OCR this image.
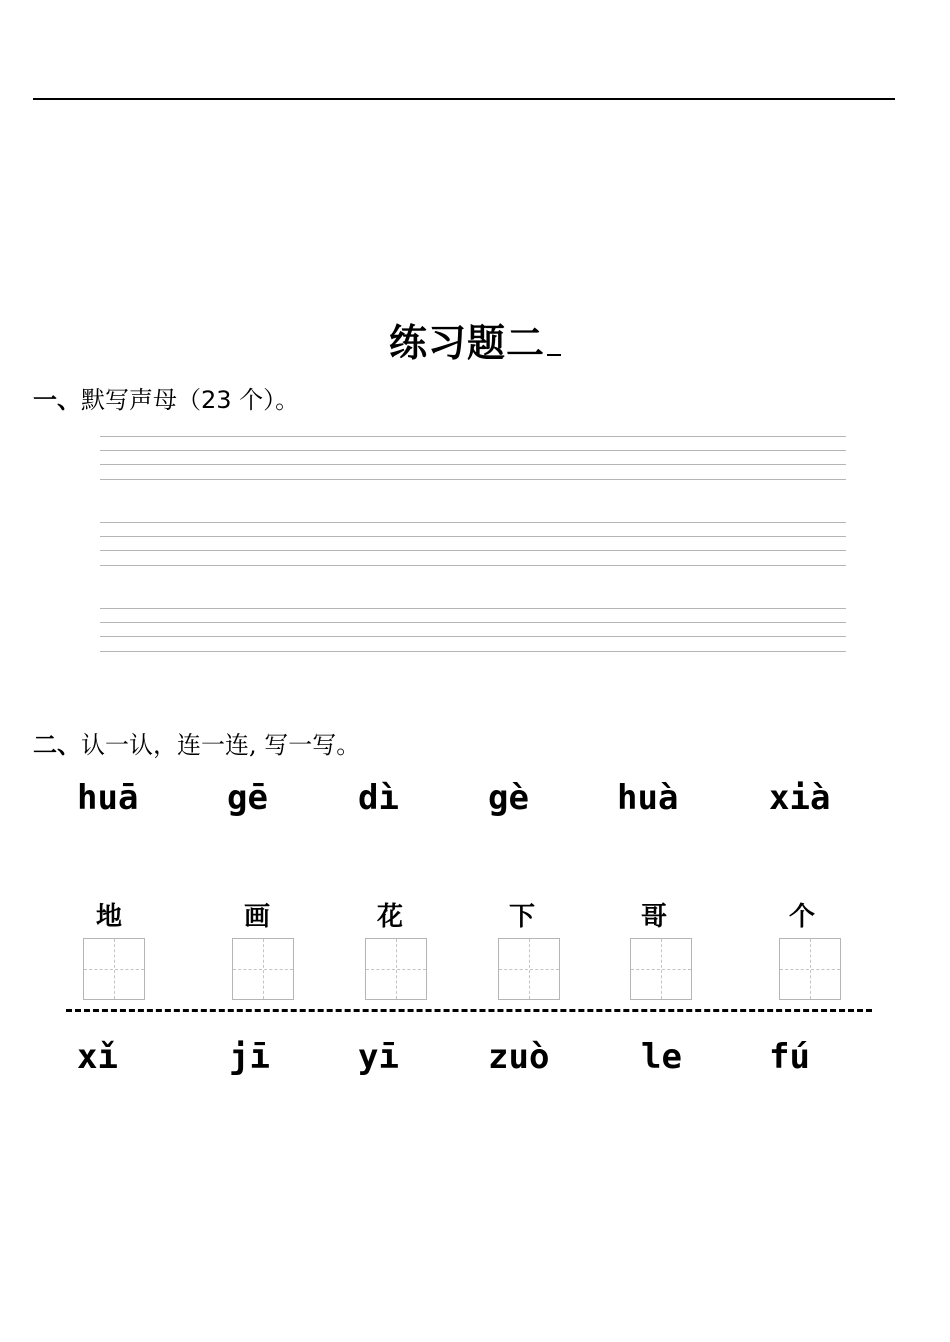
练习题二
一、默写声母（23 个）。
二、认一认，连一连, 写一写。
huā	gē	dì	gè	huà	xià
地	画	花	下	哥	个
xǐ	jī	yī	zuò	le	fú
